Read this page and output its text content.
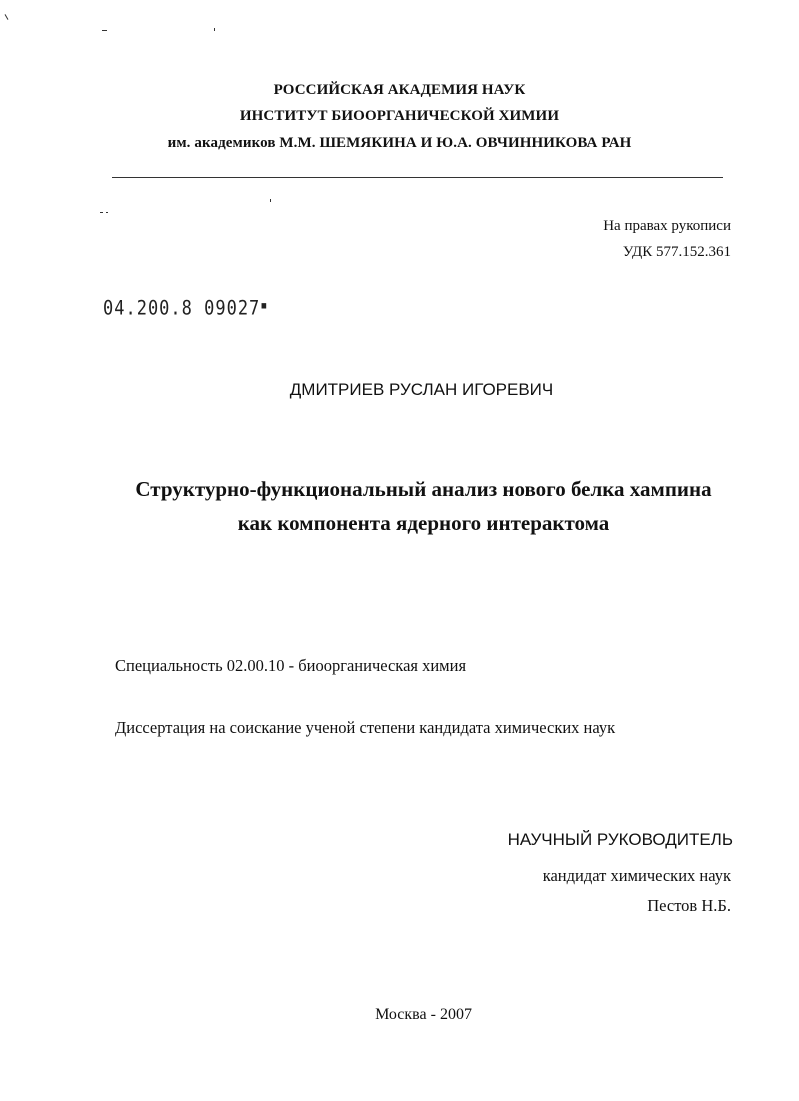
РОССИЙСКАЯ АКАДЕМИЯ НАУК
ИНСТИТУТ БИООРГАНИЧЕСКОЙ ХИМИИ
им. академиков М.М. ШЕМЯКИНА И Ю.А. ОВЧИННИКОВА РАН
На правах рукописи
УДК 577.152.361
04.200.8 09027▪
ДМИТРИЕВ РУСЛАН ИГОРЕВИЧ
Структурно-функциональный анализ нового белка хампина
как компонента ядерного интерактома
Специальность 02.00.10 - биоорганическая химия
Диссертация на соискание ученой степени кандидата химических наук
НАУЧНЫЙ РУКОВОДИТЕЛЬ
кандидат химических наук
Пестов Н.Б.
Москва - 2007
